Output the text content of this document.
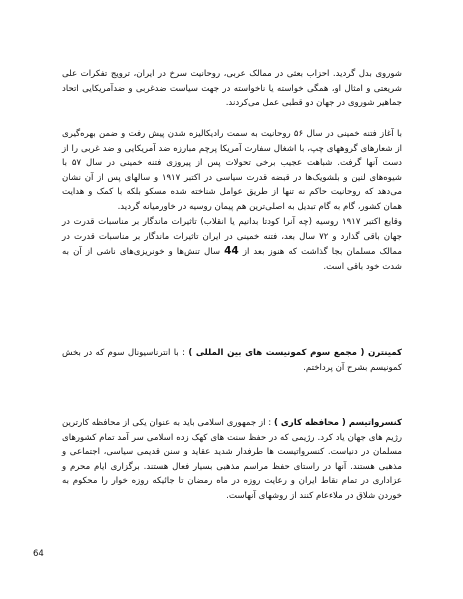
شوروی بدل گردید. احزاب بعثی در ممالک عربی، روحانیت سرخ در ایران، ترویج تفکرات علی شریعتی و امثال او، همگی خواسته یا ناخواسته در جهت سیاست ضدغربی و ضدآمریکایی اتحاد جماهیر شوروی در جهان دو قطبی عمل می‌کردند.

با آغاز فتنه خمینی در سال ۵۶ روحانیت به سمت رادیکالیزه شدن پیش رفت و ضمن بهره‌گیری از شعارهای گروههای چپ، با اشغال سفارت آمریکا پرچم مبارزه ضد آمریکایی و ضد غربی را از دست آنها گرفت. شباهت عجیب برخی تحولات پس از پیروزی فتنه خمینی در سال ۵۷ با شیوه‌های لنین و بلشویک‌ها در قبضه قدرت سیاسی در اکتبر ۱۹۱۷ و سالهای پس از آن نشان می‌دهد که روحانیت حاکم نه تنها از طریق عوامل شناخته شده مسکو بلکه با کمک و هدایت همان کشور، گام به گام تبدیل به اصلی‌ترین هم پیمان روسیه در خاورمیانه گردید.

وقایع اکتبر ۱۹۱۷ روسیه (چه آنرا کودتا بدانیم یا انقلاب) تاثیرات ماندگار بر مناسبات قدرت در جهان باقی گذارد و ۷۲ سال بعد، فتنه خمینی در ایران تاثیرات ماندگار بر مناسبات قدرت در ممالک مسلمان بجا گذاشت که هنوز بعد از 44 سال تنش‌ها و خونریزی‌های ناشی از آن به شدت خود باقی است.

کمینترن ( مجمع سوم کمونیست های بین المللی ) : با انترناسیونال سوم که در بخش کمونیسم بشرح آن پرداختم.

کنسرواتیسم ( محافظه کاری ) : از جمهوری اسلامی باید به عنوان یکی از محافظه کارترین رژیم های جهان یاد کرد. رژیمی که در حفظ سنت های کهک زده اسلامی سر آمد تمام کشورهای مسلمان در دنیاست. کنسرواتیست ها طرفدار شدید عقاید و سنن قدیمی سیاسی، اجتماعی و مذهبی هستند. آنها در راستای حفظ مراسم مذهبی بسیار فعال هستند. برگزاری ایام محرم و عزاداری در تمام نقاط ایران و رعایت روزه در ماه رمضان تا جائیکه روزه خوار را محکوم به خوردن شلاق در ملاءعام کنند از روشهای آنهاست.

64
